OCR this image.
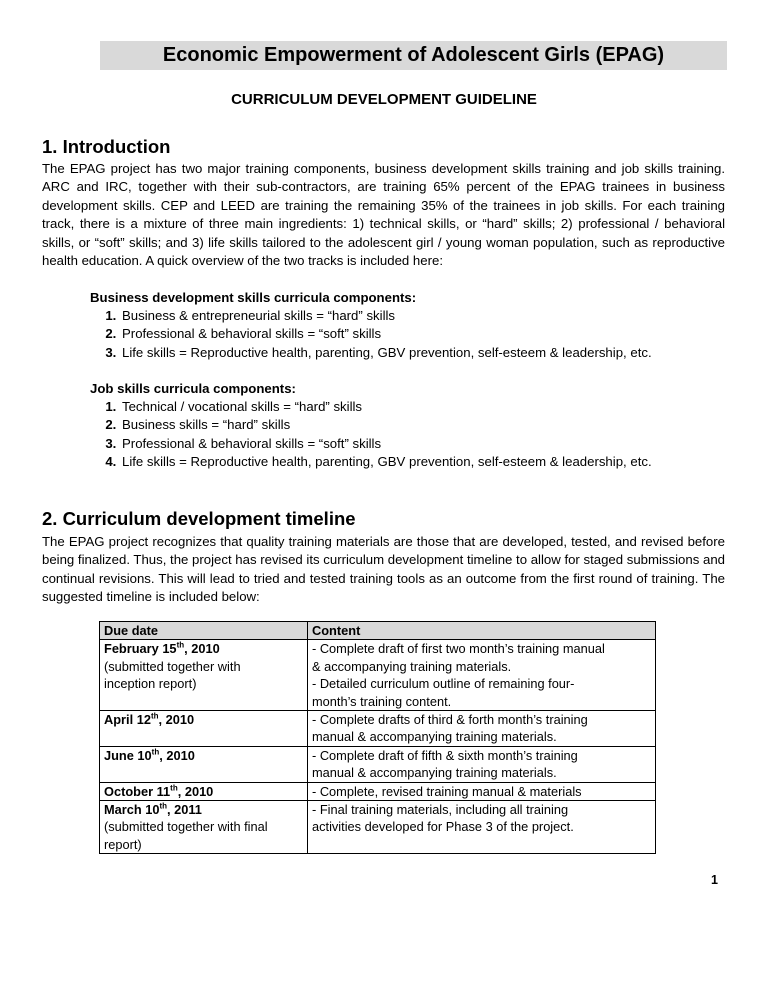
Economic Empowerment of Adolescent Girls (EPAG)
CURRICULUM DEVELOPMENT GUIDELINE
1. Introduction

The EPAG project has two major training components, business development skills training and job skills training. ARC and IRC, together with their sub-contractors, are training 65% percent of the EPAG trainees in business development skills. CEP and LEED are training the remaining 35% of the trainees in job skills. For each training track, there is a mixture of three main ingredients: 1) technical skills, or “hard” skills; 2) professional / behavioral skills, or “soft” skills; and 3) life skills tailored to the adolescent girl / young woman population, such as reproductive health education. A quick overview of the two tracks is included here:

Business development skills curricula components:
1. Business & entrepreneurial skills = “hard” skills
2. Professional & behavioral skills = “soft” skills
3. Life skills = Reproductive health, parenting, GBV prevention, self-esteem & leadership, etc.
Job skills curricula components:
1. Technical / vocational skills = “hard” skills
2. Business skills = “hard” skills
3. Professional & behavioral skills = “soft” skills
4. Life skills = Reproductive health, parenting, GBV prevention, self-esteem & leadership, etc.
2. Curriculum development timeline

The EPAG project recognizes that quality training materials are those that are developed, tested, and revised before being finalized. Thus, the project has revised its curriculum development timeline to allow for staged submissions and continual revisions. This will lead to tried and tested training tools as an outcome from the first round of training. The suggested timeline is included below:

Due date	Content

February 15th, 2010
(submitted together with
inception report)	- Complete draft of first two month’s training manual
& accompanying training materials.
- Detailed curriculum outline of remaining four-
month’s training content.

April 12th, 2010	- Complete drafts of third & forth month’s training
manual & accompanying training materials.

June 10th, 2010	- Complete draft of fifth & sixth month’s training
manual & accompanying training materials.

October 11th, 2010	- Complete, revised training manual & materials

March 10th, 2011
(submitted together with final
report)	- Final training materials, including all training
activities developed for Phase 3 of the project.
1
